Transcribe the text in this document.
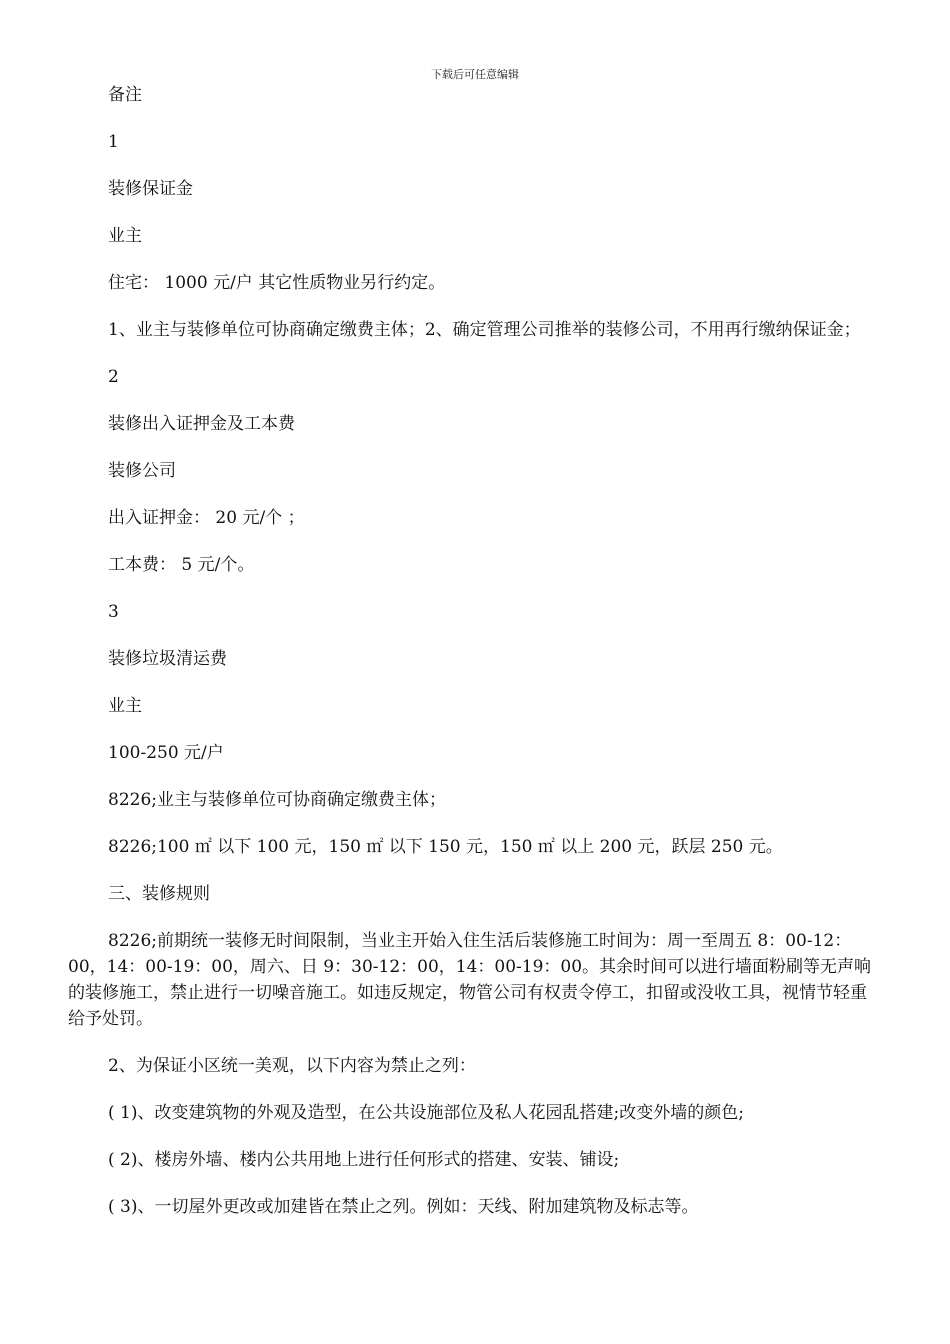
下载后可任意编辑

备注

1

装修保证金

业主

住宅： 1000 元/户 其它性质物业另行约定。

1、业主与装修单位可协商确定缴费主体；2、确定管理公司推举的装修公司，不用再行缴纳保证金；

2

装修出入证押金及工本费

装修公司

出入证押金： 20 元/个 ；

工本费： 5 元/个。

3

装修垃圾清运费

业主

100-250 元/户

8226;业主与装修单位可协商确定缴费主体；

8226;100 ㎡ 以下 100 元，150 ㎡ 以下 150 元，150 ㎡ 以上 200 元，跃层 250 元。

三、装修规则

8226;前期统一装修无时间限制，当业主开始入住生活后装修施工时间为：周一至周五 8：00-12：00，14：00-19：00，周六、日 9：30-12：00，14：00-19：00。其余时间可以进行墙面粉刷等无声响的装修施工，禁止进行一切噪音施工。如违反规定，物管公司有权责令停工，扣留或没收工具，视情节轻重给予处罚。

2、为保证小区统一美观，以下内容为禁止之列：

( 1)、改变建筑物的外观及造型，在公共设施部位及私人花园乱搭建;改变外墙的颜色;

( 2)、楼房外墙、楼内公共用地上进行任何形式的搭建、安装、铺设;

( 3)、一切屋外更改或加建皆在禁止之列。例如：天线、附加建筑物及标志等。
